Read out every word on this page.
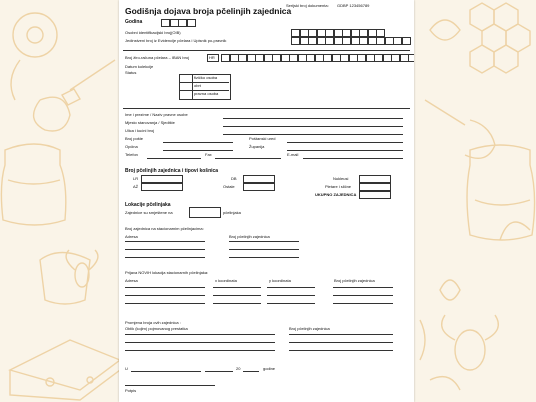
Serijski broj dokumenta: GDBP 123456789
Godišnja dojava broja pčelinjih zajednica
Godina
Osobni identifikacijski broj(OIB)
Jedinstveni broj iz Evidencije pčelara i Upisnik po-pravnik
Broj žiro-računa pčelara – IBAN broj	HR
Datum kolekcije
Status
fizičko osoba
obrt
pravna osoba
Ime i prezime / Naziv pravne osobe
Mjesto stanovanja / Sjedište
Ulica i kućni broj
Broj pošte	Poštanski ured
Općina	Županija
Telefon	Fax	E-mail
Broj pčelinjih zajednica i tipovi košnica
LR
AŽ
DB
Ostale
Nukleusi
Pletare i slične
UKUPNO ZAJEDNICA
Lokacije pčelinjaka
Zajednice su smještene na	pčelinjaka
Broj zajednica na stacionarnim pčelinjacima:
Adresa	Broj pčelinjih zajednica
Prijava NOVIH lokacija stacionarnih pčelinjaka:
Adresa	x koordinata	y koordinata	Broj pčelinjih zajednica
Promjena broja ovih zajednica :
Oblik (kojim) pojmovanog prestatka	Broj pčelinjih zajednica
U	20	godine
Potpis
